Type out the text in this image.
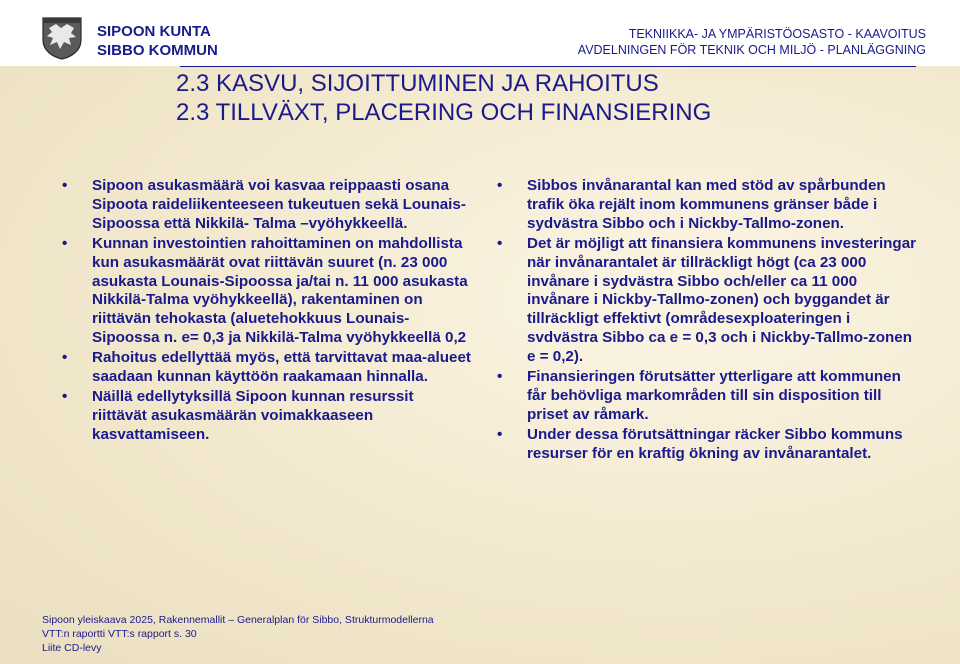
SIPOON KUNTA
SIBBO KOMMUN
TEKNIIKKA- JA YMPÄRISTÖOSASTO - KAAVOITUS
AVDELNINGEN FÖR TEKNIK OCH MILJÖ - PLANLÄGGNING
2.3 KASVU, SIJOITTUMINEN JA RAHOITUS
2.3 TILLVÄXT, PLACERING OCH FINANSIERING
• Sipoon asukasmäärä voi kasvaa reippaasti osana Sipoota raideliikenteeseen tukeutuen sekä Lounais-Sipoossa että Nikkilä- Talma –vyöhykkeellä.
• Kunnan investointien rahoittaminen on mahdollista kun asukasmäärät ovat riittävän suuret (n. 23 000 asukasta Lounais-Sipoossa ja/tai n. 11 000 asukasta Nikkilä-Talma vyöhykkeellä), rakentaminen on riittävän tehokasta (aluetehokkuus Lounais-Sipoossa n. e= 0,3 ja Nikkilä-Talma vyöhykkeellä 0,2
• Rahoitus edellyttää myös, että tarvittavat maa-alueet saadaan kunnan käyttöön raakamaan hinnalla.
• Näillä edellytyksillä Sipoon kunnan resurssit riittävät asukasmäärän voimakkaaseen kasvattamiseen.
• Sibbos invånarantal kan med stöd av spårbunden trafik öka rejält inom kommunens gränser både i sydvästra Sibbo och i Nickby-Tallmo-zonen.
• Det är möjligt att finansiera kommunens investeringar när invånarantalet är tillräckligt högt (ca 23 000 invånare i sydvästra Sibbo och/eller ca 11 000 invånare i Nickby-Tallmo-zonen) och byggandet är tillräckligt effektivt (områdesexploateringen i svdvästra Sibbo ca e = 0,3 och i Nickby-Tallmo-zonen e = 0,2).
• Finansieringen förutsätter ytterligare att kommunen får behövliga markområden till sin disposition till priset av råmark.
• Under dessa förutsättningar räcker Sibbo kommuns resurser för en kraftig ökning av invånarantalet.
Sipoon yleiskaava 2025, Rakennemallit – Generalplan för Sibbo, Strukturmodellerna
VTT:n raportti VTT:s rapport s. 30
Liite CD-levy
